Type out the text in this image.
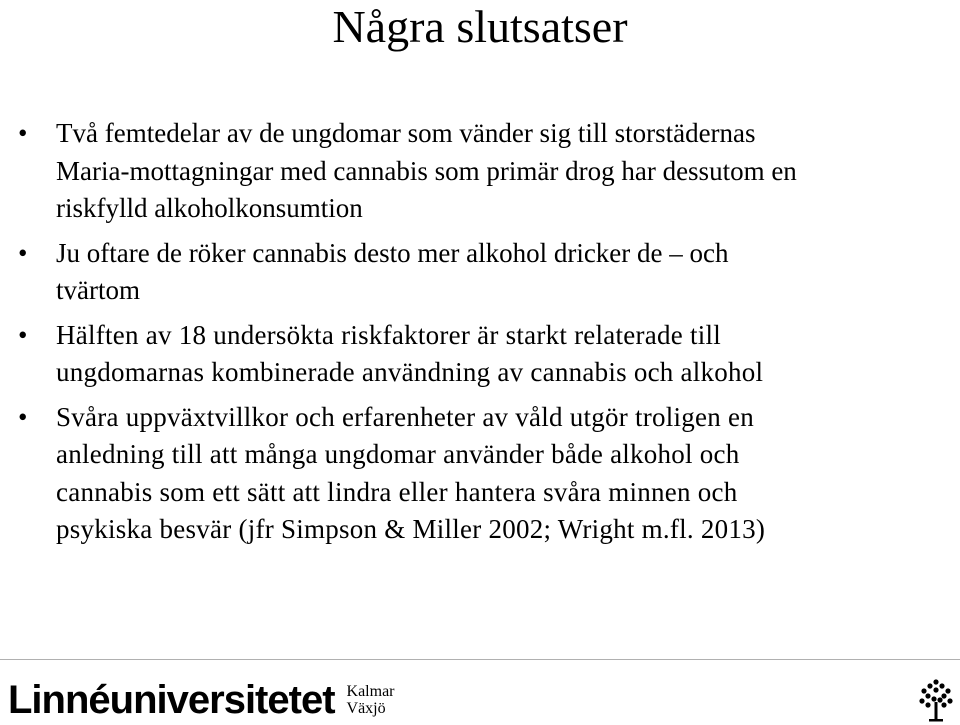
Några slutsatser
•	Två femtedelar av de ungdomar som vänder sig till storstädernas
Maria-mottagningar med cannabis som primär drog har dessutom en
riskfylld alkoholkonsumtion
•	Ju oftare de röker cannabis desto mer alkohol dricker de – och
tvärtom
•	Hälften av 18 undersökta riskfaktorer är starkt relaterade till
ungdomarnas kombinerade användning av cannabis och alkohol
•	Svåra uppväxtvillkor och erfarenheter av våld utgör troligen en
anledning till att många ungdomar använder både alkohol och
cannabis som ett sätt att lindra eller hantera svåra minnen och
psykiska besvär (jfr Simpson & Miller 2002; Wright m.fl. 2013)
Linnéuniversitetet Kalmar
Växjö
